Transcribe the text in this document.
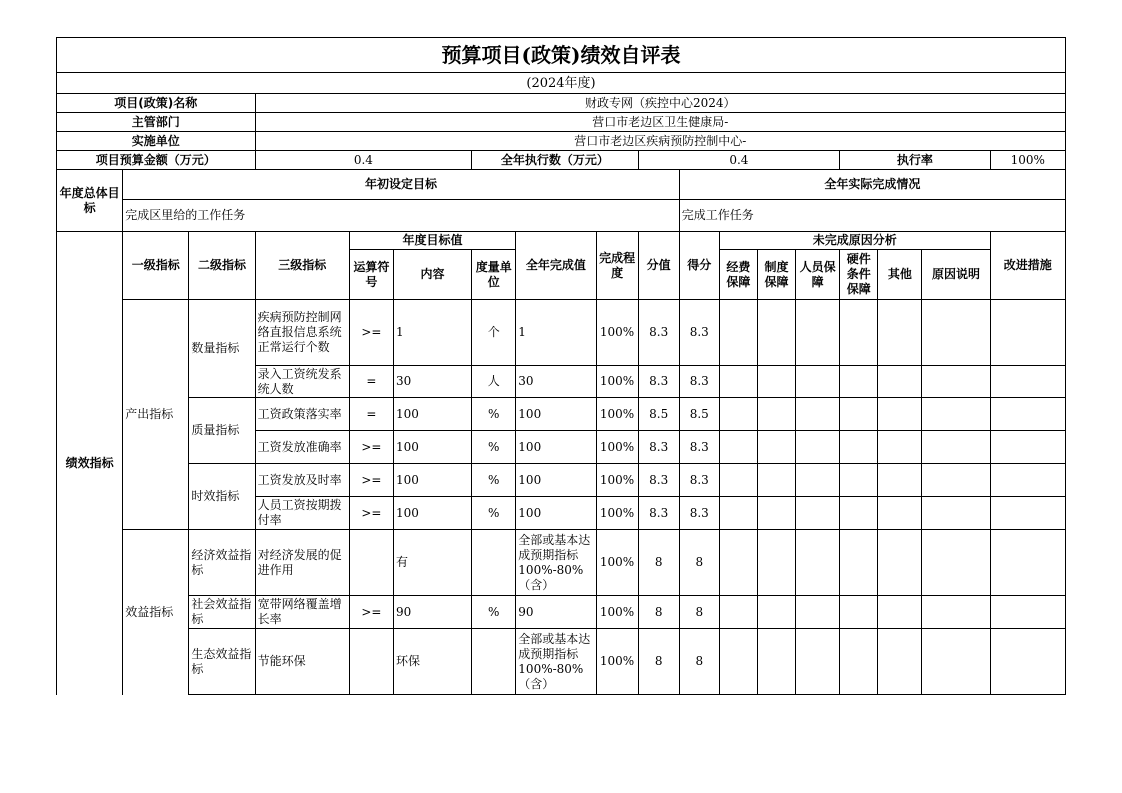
预算项目(政策)绩效自评表																	
(2024年度)																	
项目(政策)名称			财政专网（疾控中心2024）														
主管部门			营口市老边区卫生健康局-														
实施单位			营口市老边区疾病预防控制中心-														
项目预算金额（万元）			0.4			全年执行数（万元）			0.4					执行率			100%
年度总体目标	年初设定目标									全年实际完成情况							
	完成区里给的工作任务									完成工作任务							
绩效指标	一级指标	二级指标	三级指标	年度目标值			全年完成值	完成程度	分值	得分	未完成原因分析						改进措施
				运算符号	内容	度量单位					经费保障	制度保障	人员保障	硬件条件保障	其他	原因说明	
	产出指标	数量指标	疾病预防控制网络直报信息系统正常运行个数	>=	1	个	1	100%	8.3	8.3							
			录入工资统发系统人数	=	30	人	30	100%	8.3	8.3							
		质量指标	工资政策落实率	=	100	%	100	100%	8.5	8.5							
			工资发放准确率	>=	100	%	100	100%	8.3	8.3							
		时效指标	工资发放及时率	>=	100	%	100	100%	8.3	8.3							
			人员工资按期拨付率	>=	100	%	100	100%	8.3	8.3							
	效益指标	经济效益指标	对经济发展的促进作用		有		全部或基本达成预期指标100%-80%（含）	100%	8	8							
		社会效益指标	宽带网络覆盖增长率	>=	90	%	90	100%	8	8							
		生态效益指标	节能环保		环保		全部或基本达成预期指标100%-80%（含）	100%	8	8							
